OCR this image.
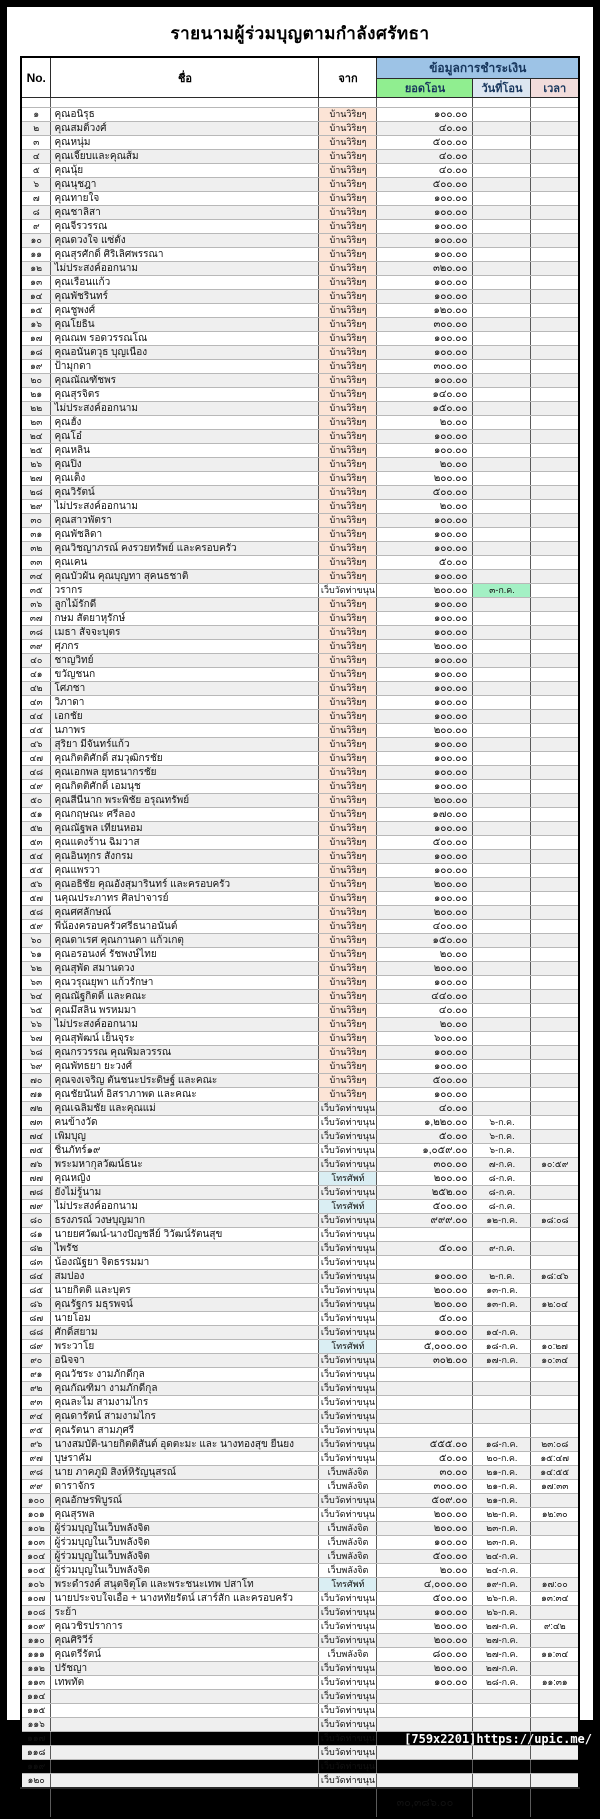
รายนามผู้ร่วมบุญตามกำลังศรัทธา
No.	ชื่อ	จาก	ข้อมูลการชำระเงิน		
			ยอดโอน	วันที่โอน	เวลา

๑	คุณอนิรุธ	บ้านวิริยๆ	๑๐๐.๐๐		
๒	คุณสมติ์วงศ์	บ้านวิริยๆ	๔๐.๐๐		
๓	คุณหนุ่ม	บ้านวิริยๆ	๕๐๐.๐๐		
๔	คุณเจี๊ยบและคุณส้ม	บ้านวิริยๆ	๔๐.๐๐		
๕	คุณนุ้ย	บ้านวิริยๆ	๔๐.๐๐		
๖	คุณนุชฎา	บ้านวิริยๆ	๕๐๐.๐๐		
๗	คุณทายใจ	บ้านวิริยๆ	๑๐๐.๐๐		
๘	คุณชาลิสา	บ้านวิริยๆ	๑๐๐.๐๐		
๙	คุณจีรวรรณ	บ้านวิริยๆ	๑๐๐.๐๐		
๑๐	คุณดวงใจ แซ่ตั้ง	บ้านวิริยๆ	๑๐๐.๐๐		
๑๑	คุณสุรศักดิ์ ศิริเลิศพรรณา	บ้านวิริยๆ	๑๐๐.๐๐		
๑๒	ไม่ประสงค์ออกนาม	บ้านวิริยๆ	๓๒๐.๐๐		
๑๓	คุณเรือนแก้ว	บ้านวิริยๆ	๑๐๐.๐๐		
๑๔	คุณพัชรินทร์	บ้านวิริยๆ	๑๐๐.๐๐		
๑๕	คุณชูพงศ์	บ้านวิริยๆ	๑๒๐.๐๐		
๑๖	คุณโยธิน	บ้านวิริยๆ	๓๐๐.๐๐		
๑๗	คุณณพ รอดวรรณโณ	บ้านวิริยๆ	๑๐๐.๐๐		
๑๘	คุณอนันตวุธ บุญเนื่อง	บ้านวิริยๆ	๑๐๐.๐๐		
๑๙	ป้ามุกดา	บ้านวิริยๆ	๓๐๐.๐๐		
๒๐	คุณณัณฑัชพร	บ้านวิริยๆ	๑๐๐.๐๐		
๒๑	คุณสุรจิตร	บ้านวิริยๆ	๑๔๐.๐๐		
๒๒	ไม่ประสงค์ออกนาม	บ้านวิริยๆ	๑๕๐.๐๐		
๒๓	คุณฮั้ง	บ้านวิริยๆ	๒๐.๐๐		
๒๔	คุณโอ๋	บ้านวิริยๆ	๑๐๐.๐๐		
๒๕	คุณหลิน	บ้านวิริยๆ	๑๐๐.๐๐		
๒๖	คุณปิ๋ง	บ้านวิริยๆ	๒๐.๐๐		
๒๗	คุณเต็ง	บ้านวิริยๆ	๒๐๐.๐๐		
๒๘	คุณวิรัตน์	บ้านวิริยๆ	๕๐๐.๐๐		
๒๙	ไม่ประสงค์ออกนาม	บ้านวิริยๆ	๒๐.๐๐		
๓๐	คุณสาวพัตรา	บ้านวิริยๆ	๑๐๐.๐๐		
๓๑	คุณพัชลิดา	บ้านวิริยๆ	๑๐๐.๐๐		
๓๒	คุณวิชญาภรณ์ คงรวยทรัพย์ และครอบครัว	บ้านวิริยๆ	๑๐๐.๐๐		
๓๓	คุณเคน	บ้านวิริยๆ	๕๐.๐๐		
๓๔	คุณบัวผัน คุณบุญทา สุคนธชาติ	บ้านวิริยๆ	๑๐๐.๐๐		
๓๕	วรากร	เว็บวัดท่าขนุน	๒๐๐.๐๐	๓-ก.ค.	
๓๖	ลูกไม้รักดี	บ้านวิริยๆ	๑๐๐.๐๐		
๓๗	กษม สัตยาหุรักษ์	บ้านวิริยๆ	๑๐๐.๐๐		
๓๘	เมธา สัจจะบุตร	บ้านวิริยๆ	๑๐๐.๐๐		
๓๙	ศุภกร	บ้านวิริยๆ	๒๐๐.๐๐		
๔๐	ชาญวิทย์	บ้านวิริยๆ	๑๐๐.๐๐		
๔๑	ขวัญชนก	บ้านวิริยๆ	๑๐๐.๐๐		
๔๒	โศภชา	บ้านวิริยๆ	๑๐๐.๐๐		
๔๓	วิภาดา	บ้านวิริยๆ	๑๐๐.๐๐		
๔๔	เอกชัย	บ้านวิริยๆ	๑๐๐.๐๐		
๔๕	นภาพร	บ้านวิริยๆ	๒๐๐.๐๐		
๔๖	สุริยา มีจันทร์แก้ว	บ้านวิริยๆ	๑๐๐.๐๐		
๔๗	คุณกิตติศักดิ์ สมวุฒิกรชัย	บ้านวิริยๆ	๑๐๐.๐๐		
๔๘	คุณเอกพล ยุทธนากรชัย	บ้านวิริยๆ	๑๐๐.๐๐		
๔๙	คุณกิตติศักดิ์ เอมนุช	บ้านวิริยๆ	๑๐๐.๐๐		
๕๐	คุณสีนีนาก พระพิชัย อรุณทรัพย์	บ้านวิริยๆ	๒๐๐.๐๐		
๕๑	คุณกฤษณะ ศรี่ลอง	บ้านวิริยๆ	๑๗๐.๐๐		
๕๒	คุณณัฐพล เทียนหอม	บ้านวิริยๆ	๑๐๐.๐๐		
๕๓	คุณแดงร้าน ฉิมวาส	บ้านวิริยๆ	๕๐๐.๐๐		
๕๔	คุณอินทุกร สังกรม	บ้านวิริยๆ	๑๐๐.๐๐		
๕๕	คุณแพรวา	บ้านวิริยๆ	๑๐๐.๐๐		
๕๖	คุณอธิชัย คุณอังสุมารินทร์ และครอบครัว	บ้านวิริยๆ	๒๐๐.๐๐		
๕๗	นคุณประภาทร ศิลปาจารย์	บ้านวิริยๆ	๑๐๐.๐๐		
๕๘	คุณศศลักษณ์	บ้านวิริยๆ	๒๐๐.๐๐		
๕๙	พี่น้องครอบครัวศรีธนาอนันต์	บ้านวิริยๆ	๔๐๐.๐๐		
๖๐	คุณดาเรศ คุณกานดา แก้วเกตุ	บ้านวิริยๆ	๑๕๐.๐๐		
๖๑	คุณอรอนงค์ รัชพงษ์ไทย	บ้านวิริยๆ	๒๐.๐๐		
๖๒	คุณสุพัด สมานดวง	บ้านวิริยๆ	๒๐๐.๐๐		
๖๓	คุณวรุณยุพา แก้วรักษา	บ้านวิริยๆ	๑๐๐.๐๐		
๖๔	คุณณัฐกิตติ์ และคณะ	บ้านวิริยๆ	๔๔๐.๐๐		
๖๕	คุณมึสลิ่น พรหมมา	บ้านวิริยๆ	๔๐.๐๐		
๖๖	ไม่ประสงค์ออกนาม	บ้านวิริยๆ	๒๐.๐๐		
๖๗	คุณสุพัฒน์ เย็นจุระ	บ้านวิริยๆ	๖๐๐.๐๐		
๖๘	คุณกรวรรณ คุณพิมลวรรณ	บ้านวิริยๆ	๑๐๐.๐๐		
๖๙	คุณพัทธยา ยะวงศ์	บ้านวิริยๆ	๑๐๐.๐๐		
๗๐	คุณจงเจริญ ตันชนะประดิษฐ์ และคณะ	บ้านวิริยๆ	๕๐๐.๐๐		
๗๑	คุณชัยนันท์ อิสราภาพด และคณะ	บ้านวิริยๆ	๑๐๐.๐๐		
๗๒	คุณเฉลิมชัย และคุณแม่	เว็บวัดท่าขนุน	๔๐.๐๐		
๗๓	คนข้างวัด	เว็บวัดท่าขนุน	๑,๒๒๐.๐๐	๖-ก.ค.	
๗๔	เพิ่มบุญ	เว็บวัดท่าขนุน	๕๐.๐๐	๖-ก.ค.	
๗๕	ชิ้นภัทร์๑๙	เว็บวัดท่าขนุน	๑,๐๕๙.๐๐	๖-ก.ค.	
๗๖	พระมหากุลวัฒน์ธนะ	เว็บวัดท่าขนุน	๓๐๐.๐๐	๗-ก.ค.	๑๐:๕๙
๗๗	คุณหญิง	โทรศัพท์	๒๐๐.๐๐	๘-ก.ค.	
๗๘	ยังไม่รู้นาม	เว็บวัดท่าขนุน	๒๕๒.๐๐	๘-ก.ค.	
๗๙	ไม่ประสงค์ออกนาม	โทรศัพท์	๕๐๐.๐๐	๘-ก.ค.	
๘๐	ธรงภรณ์ วงษบุญมาก	เว็บวัดท่าขนุน	๙๙๙.๐๐	๑๒-ก.ค.	๑๘:๐๘
๘๑	นายยศวัฒน์-นางปัญชลีย์ วิวัฒน์รัตนสุข	เว็บวัดท่าขนุน			
๘๒	ไพรัช	เว็บวัดท่าขนุน	๕๐.๐๐	๙-ก.ค.	
๘๓	น้องณัฐยา จิตธรรมมา	เว็บวัดท่าขนุน			
๘๔	สมปอง	เว็บวัดท่าขนุน	๑๐๐.๐๐	๒-ก.ค.	๑๘:๔๖
๘๕	นายกิตติ และบุตร	เว็บวัดท่าขนุน	๒๐๐.๐๐	๑๓-ก.ค.	
๘๖	คุณรัฐกร มธุรพจน์	เว็บวัดท่าขนุน	๒๐๐.๐๐	๑๓-ก.ค.	๑๒:๐๔
๘๗	นายโอม	เว็บวัดท่าขนุน	๕๐.๐๐		
๘๘	ศักดิ์สยาม	เว็บวัดท่าขนุน	๑๐๐.๐๐	๑๔-ก.ค.	
๘๙	พระวาโย	โทรศัพท์	๕,๐๐๐.๐๐	๑๘-ก.ค.	๑๐:๒๗
๙๐	อนิจจา	เว็บวัดท่าขนุน	๓๐๒.๐๐	๑๗-ก.ค.	๑๐:๓๔
๙๑	คุณวัชระ งามภักดีกุล	เว็บวัดท่าขนุน			
๙๒	คุณกัณฑิมา งามภักดีกุล	เว็บวัดท่าขนุน			
๙๓	คุณละไม สามงามไกร	เว็บวัดท่าขนุน			
๙๔	คุณดารัตน์ สามงามไกร	เว็บวัดท่าขนุน			
๙๕	คุณรัตนา สามภุศรี	เว็บวัดท่าขนุน			
๙๖	นางสมบัติ-นายกิตติสันต์ อุดตะมะ และ นางทองสุข ยืนยง	เว็บวัดท่าขนุน	๕๕๕.๐๐	๑๘-ก.ค.	๒๓:๐๘
๙๗	บุษราคัม	เว็บวัดท่าขนุน	๕๐.๐๐	๒๐-ก.ค.	๑๕:๔๗
๙๘	นาย ภาคภูมิ สิงห์หิรัญนุสรณ์	เว็บพลังจิต	๓๐.๐๐	๒๑-ก.ค.	๑๔:๕๕
๙๙	ดาราจักร	เว็บพลังจิต	๓๐๐.๐๐	๒๑-ก.ค.	๑๗:๓๓
๑๐๐	คุณอักษรพิบูรณ์	เว็บวัดท่าขนุน	๕๐๙.๐๐	๒๑-ก.ค.	
๑๐๑	คุณสุรพล	เว็บวัดท่าขนุน	๒๐๐.๐๐	๒๒-ก.ค.	๑๒:๓๐
๑๐๒	ผู้ร่วมบุญในเว็บพลังจิต	เว็บพลังจิต	๒๐๐.๐๐	๒๓-ก.ค.	
๑๐๓	ผู้ร่วมบุญในเว็บพลังจิต	เว็บพลังจิต	๑๐๐.๐๐	๒๓-ก.ค.	
๑๐๔	ผู้ร่วมบุญในเว็บพลังจิต	เว็บพลังจิต	๕๐๐.๐๐	๒๔-ก.ค.	
๑๐๕	ผู้ร่วมบุญในเว็บพลังจิต	เว็บพลังจิต	๒๐.๐๐	๒๔-ก.ค.	
๑๐๖	พระดำรงค์ สนุตจิตุโต และพระชนะเทพ ปสาโท	โทรศัพท์	๔,๐๐๐.๐๐	๑๙-ก.ค.	๑๗:๐๐
๑๐๗	นายประจบใจเอื้อ + นางหทัยรัตน์ เสาร์สัก และครอบครัว	เว็บวัดท่าขนุน	๕๐๐.๐๐	๒๖-ก.ค.	๑๓:๓๔
๑๐๘	ระย้า	เว็บวัดท่าขนุน	๑๐๐.๐๐	๒๖-ก.ค.	
๑๐๙	คุณวชิรปราการ	เว็บวัดท่าขนุน	๒๐๐.๐๐	๒๗-ก.ค.	๙:๔๒
๑๑๐	คุณศิริวีร์	เว็บวัดท่าขนุน	๒๐๐.๐๐	๒๗-ก.ค.	
๑๑๑	คุณตรีรัตน์	เว็บพลังจิต	๘๐๐.๐๐	๒๗-ก.ค.	๑๑:๓๔
๑๑๒	ปรัชญา	เว็บวัดท่าขนุน	๒๐๐.๐๐	๒๗-ก.ค.	
๑๑๓	เทพทัต	เว็บวัดท่าขนุน	๑๐๐.๐๐	๒๘-ก.ค.	๑๑:๓๑
๑๑๔		เว็บวัดท่าขนุน			
๑๑๕		เว็บวัดท่าขนุน			
๑๑๖		เว็บวัดท่าขนุน			
๑๑๗		เว็บวัดท่าขนุน			
๑๑๘		เว็บวัดท่าขนุน			
๑๑๙		เว็บวัดท่าขนุน			
๑๒๐		เว็บวัดท่าขนุน			
	รวม		๓๐,๓๘๖.๐๐		
[759x2201]https://upic.me/
